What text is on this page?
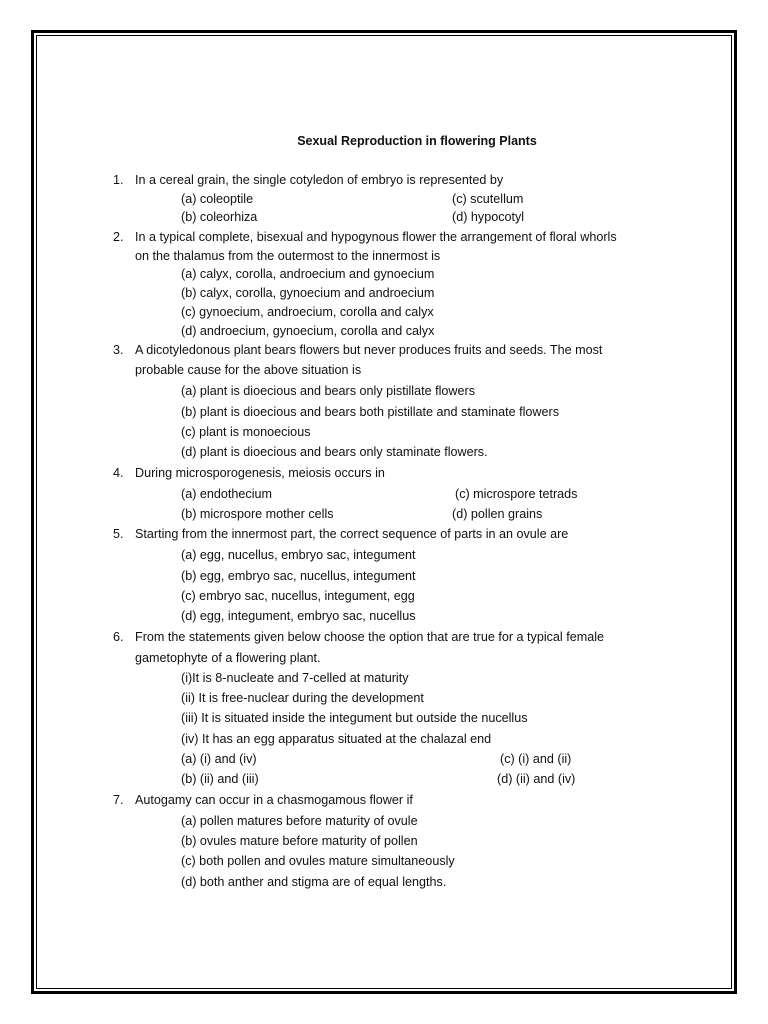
Sexual Reproduction in flowering Plants
1. In a cereal grain, the single cotyledon of embryo is represented by
(a) coleoptile	(c) scutellum
(b) coleorhiza	(d) hypocotyl
2. In a typical complete, bisexual and hypogynous flower the arrangement of floral whorls
on the thalamus from the outermost to the innermost is
(a) calyx, corolla, androecium and gynoecium
(b) calyx, corolla, gynoecium and androecium
(c) gynoecium, androecium, corolla and calyx
(d) androecium, gynoecium, corolla and calyx
3. A dicotyledonous plant bears flowers but never produces fruits and seeds. The most
probable cause for the above situation is
(a) plant is dioecious and bears only pistillate flowers
(b) plant is dioecious and bears both pistillate and staminate flowers
(c) plant is monoecious
(d) plant is dioecious and bears only staminate flowers.
4. During microsporogenesis, meiosis occurs in
(a) endothecium	(c) microspore tetrads
(b) microspore mother cells	(d) pollen grains
5. Starting from the innermost part, the correct sequence of parts in an ovule are
(a) egg, nucellus, embryo sac, integument
(b) egg, embryo sac, nucellus, integument
(c) embryo sac, nucellus, integument, egg
(d) egg, integument, embryo sac, nucellus
6. From the statements given below choose the option that are true for a typical female
gametophyte of a flowering plant.
(i)It is 8-nucleate and 7-celled at maturity
(ii) It is free-nuclear during the development
(iii) It is situated inside the integument but outside the nucellus
(iv) It has an egg apparatus situated at the chalazal end
(a) (i) and (iv)	(c) (i) and (ii)
(b) (ii) and (iii)	(d) (ii) and (iv)
7. Autogamy can occur in a chasmogamous flower if
(a) pollen matures before maturity of ovule
(b) ovules mature before maturity of pollen
(c) both pollen and ovules mature simultaneously
(d) both anther and stigma are of equal lengths.
